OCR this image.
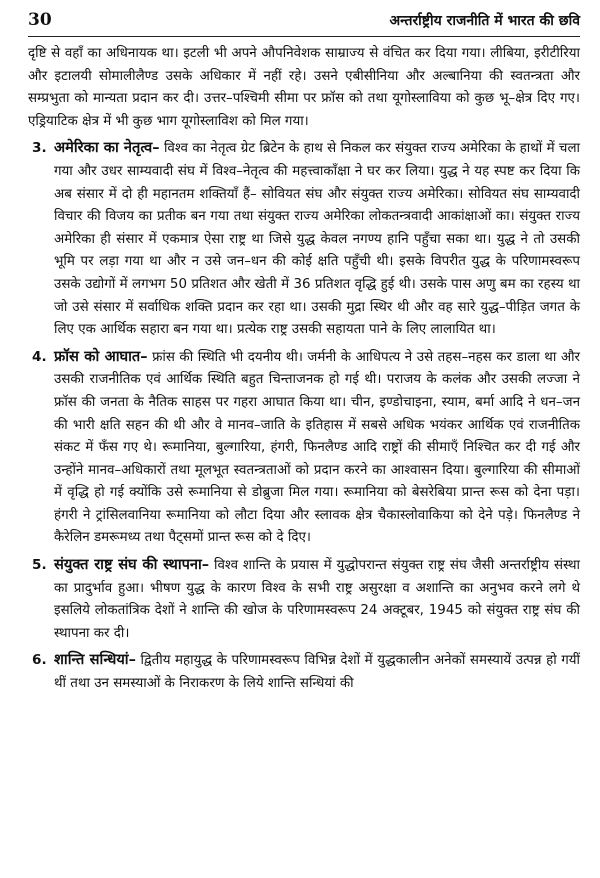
30	अन्तर्राष्ट्रीय राजनीति में भारत की छवि

दृष्टि से वहाँ का अधिनायक था। इटली भी अपने औपनिवेशक साम्राज्य से वंचित कर दिया गया। लीबिया, इरीटीरिया और इटालयी सोमालीलैण्ड उसके अधिकार में नहीं रहे। उसने एबीसीनिया और अल्बानिया की स्वतन्त्रता और सम्प्रभुता को मान्यता प्रदान कर दी। उत्तर–पश्चिमी सीमा पर फ्रॉस को तथा यूगोस्लाविया को कुछ भू–क्षेत्र दिए गए। एड्रियाटिक क्षेत्र में भी कुछ भाग यूगोस्लाविश को मिल गया।

3. अमेरिका का नेतृत्व– विश्व का नेतृत्व ग्रेट ब्रिटेन के हाथ से निकल कर संयुक्त राज्य अमेरिका के हाथों में चला गया और उधर साम्यवादी संघ में विश्व–नेतृत्व की महत्त्वाकाँक्षा ने घर कर लिया। युद्ध ने यह स्पष्ट कर दिया कि अब संसार में दो ही महानतम शक्तियाँ हैं– सोवियत संघ और संयुक्त राज्य अमेरिका। सोवियत संघ साम्यवादी विचार की विजय का प्रतीक बन गया तथा संयुक्त राज्य अमेरिका लोकतन्त्रवादी आकांक्षाओं का। संयुक्त राज्य अमेरिका ही संसार में एकमात्र ऐसा राष्ट्र था जिसे युद्ध केवल नगण्य हानि पहुँचा सका था। युद्ध ने तो उसकी भूमि पर लड़ा गया था और न उसे जन–धन की कोई क्षति पहुँची थी। इसके विपरीत युद्ध के परिणामस्वरूप उसके उद्योगों में लगभग 50 प्रतिशत और खेती में 36 प्रतिशत वृद्धि हुई थी। उसके पास अणु बम का रहस्य था जो उसे संसार में सर्वाधिक शक्ति प्रदान कर रहा था। उसकी मुद्रा स्थिर थी और वह सारे युद्ध–पीड़ित जगत के लिए एक आर्थिक सहारा बन गया था। प्रत्येक राष्ट्र उसकी सहायता पाने के लिए लालायित था।

4. फ्रॉस को आघात– फ्रांस की स्थिति भी दयनीय थी। जर्मनी के आधिपत्य ने उसे तहस–नहस कर डाला था और उसकी राजनीतिक एवं आर्थिक स्थिति बहुत चिन्ताजनक हो गई थी। पराजय के कलंक और उसकी लज्जा ने फ्रॉस की जनता के नैतिक साहस पर गहरा आघात किया था। चीन, इण्डोचाइना, स्याम, बर्मा आदि ने धन–जन की भारी क्षति सहन की थी और वे मानव–जाति के इतिहास में सबसे अधिक भयंकर आर्थिक एवं राजनीतिक संकट में फँस गए थे। रूमानिया, बुल्गारिया, हंगरी, फिनलैण्ड आदि राष्ट्रों की सीमाएँ निश्चित कर दी गई और उन्होंने मानव–अधिकारों तथा मूलभूत स्वतन्त्रताओं को प्रदान करने का आश्वासन दिया। बुल्गारिया की सीमाओं में वृद्धि हो गई क्योंकि उसे रूमानिया से डोब्रुजा मिल गया। रूमानिया को बेसरेबिया प्रान्त रूस को देना पड़ा। हंगरी ने ट्रांसिलवानिया रूमानिया को लौटा दिया और स्लावक क्षेत्र चैकास्लोवाकिया को देने पड़े। फिनलैण्ड ने कैरेलिन डमरूमध्य तथा पैट्समों प्रान्त रूस को दे दिए।

5. संयुक्त राष्ट्र संघ की स्थापना– विश्व शान्ति के प्रयास में युद्धोपरान्त संयुक्त राष्ट्र संघ जैसी अन्तर्राष्ट्रीय संस्था का प्रादुर्भाव हुआ। भीषण युद्ध के कारण विश्व के सभी राष्ट्र असुरक्षा व अशान्ति का अनुभव करने लगे थे इसलिये लोकतांत्रिक देशों ने शान्ति की खोज के परिणामस्वरूप 24 अक्टूबर, 1945 को संयुक्त राष्ट्र संघ की स्थापना कर दी।

6. शान्ति सन्धियां– द्वितीय महायुद्ध के परिणामस्वरूप विभिन्न देशों में युद्धकालीन अनेकों समस्यायें उत्पन्न हो गयीं थीं तथा उन समस्याओं के निराकरण के लिये शान्ति सन्धियां की
